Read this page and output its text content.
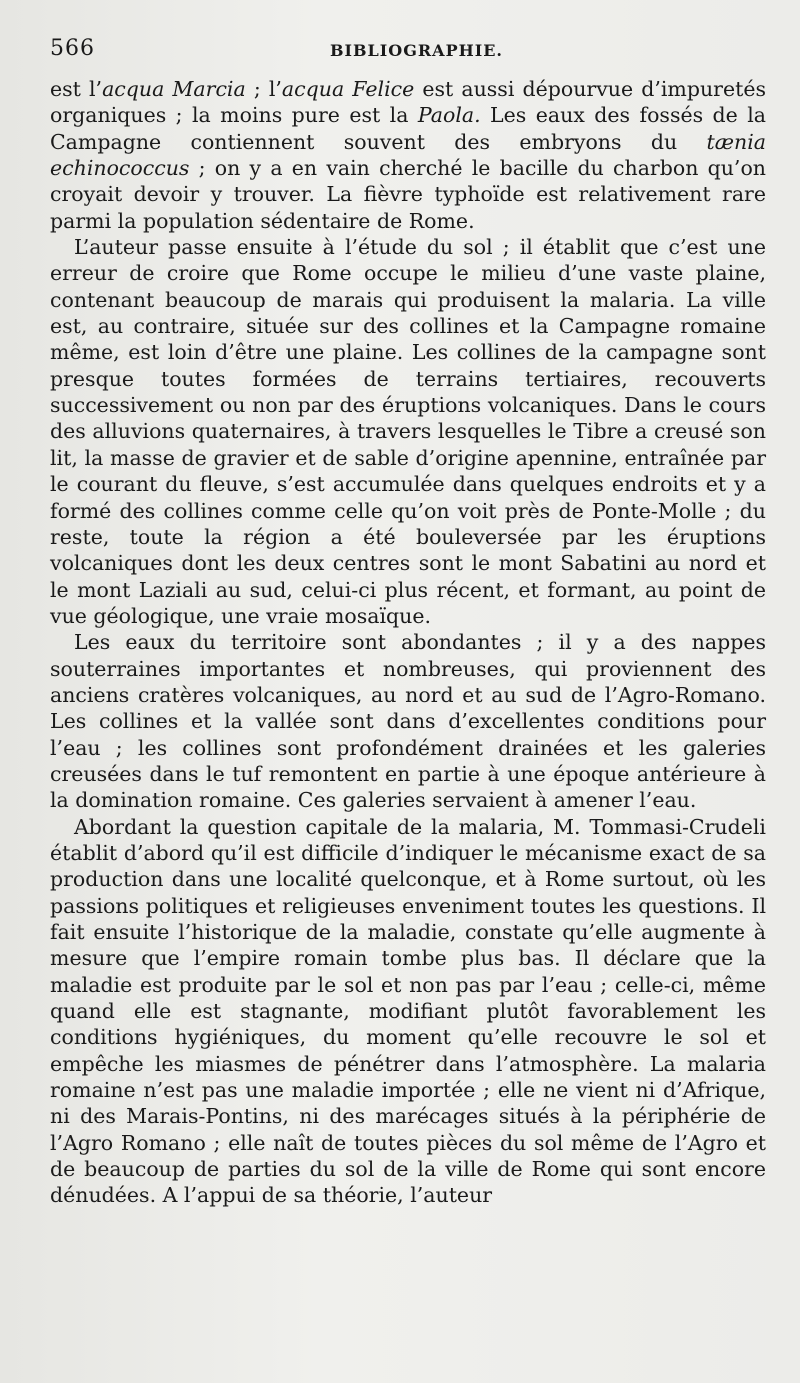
566	BIBLIOGRAPHIE.

est l’acqua Marcia ; l’acqua Felice est aussi dépourvue d’impuretés organiques ; la moins pure est la Paola. Les eaux des fossés de la Campagne contiennent souvent des embryons du tænia echinococcus ; on y a en vain cherché le bacille du charbon qu’on croyait devoir y trouver. La fièvre typhoïde est relativement rare parmi la population sédentaire de Rome.

L’auteur passe ensuite à l’étude du sol ; il établit que c’est une erreur de croire que Rome occupe le milieu d’une vaste plaine, contenant beaucoup de marais qui produisent la malaria. La ville est, au contraire, située sur des collines et la Campagne romaine même, est loin d’être une plaine. Les collines de la campagne sont presque toutes formées de terrains tertiaires, recouverts successivement ou non par des éruptions volcaniques. Dans le cours des alluvions quaternaires, à travers lesquelles le Tibre a creusé son lit, la masse de gravier et de sable d’origine apennine, entraînée par le courant du fleuve, s’est accumulée dans quelques endroits et y a formé des collines comme celle qu’on voit près de Ponte-Molle ; du reste, toute la région a été bouleversée par les éruptions volcaniques dont les deux centres sont le mont Sabatini au nord et le mont Laziali au sud, celui-ci plus récent, et formant, au point de vue géologique, une vraie mosaïque.

Les eaux du territoire sont abondantes ; il y a des nappes souterraines importantes et nombreuses, qui proviennent des anciens cratères volcaniques, au nord et au sud de l’Agro-Romano. Les collines et la vallée sont dans d’excellentes conditions pour l’eau ; les collines sont profondément drainées et les galeries creusées dans le tuf remontent en partie à une époque antérieure à la domination romaine. Ces galeries servaient à amener l’eau.

Abordant la question capitale de la malaria, M. Tommasi-Crudeli établit d’abord qu’il est difficile d’indiquer le mécanisme exact de sa production dans une localité quelconque, et à Rome surtout, où les passions politiques et religieuses enveniment toutes les questions. Il fait ensuite l’historique de la maladie, constate qu’elle augmente à mesure que l’empire romain tombe plus bas. Il déclare que la maladie est produite par le sol et non pas par l’eau ; celle-ci, même quand elle est stagnante, modifiant plutôt favorablement les conditions hygiéniques, du moment qu’elle recouvre le sol et empêche les miasmes de pénétrer dans l’atmosphère. La malaria romaine n’est pas une maladie importée ; elle ne vient ni d’Afrique, ni des Marais-Pontins, ni des marécages situés à la périphérie de l’Agro Romano ; elle naît de toutes pièces du sol même de l’Agro et de beaucoup de parties du sol de la ville de Rome qui sont encore dénudées. A l’appui de sa théorie, l’auteur
